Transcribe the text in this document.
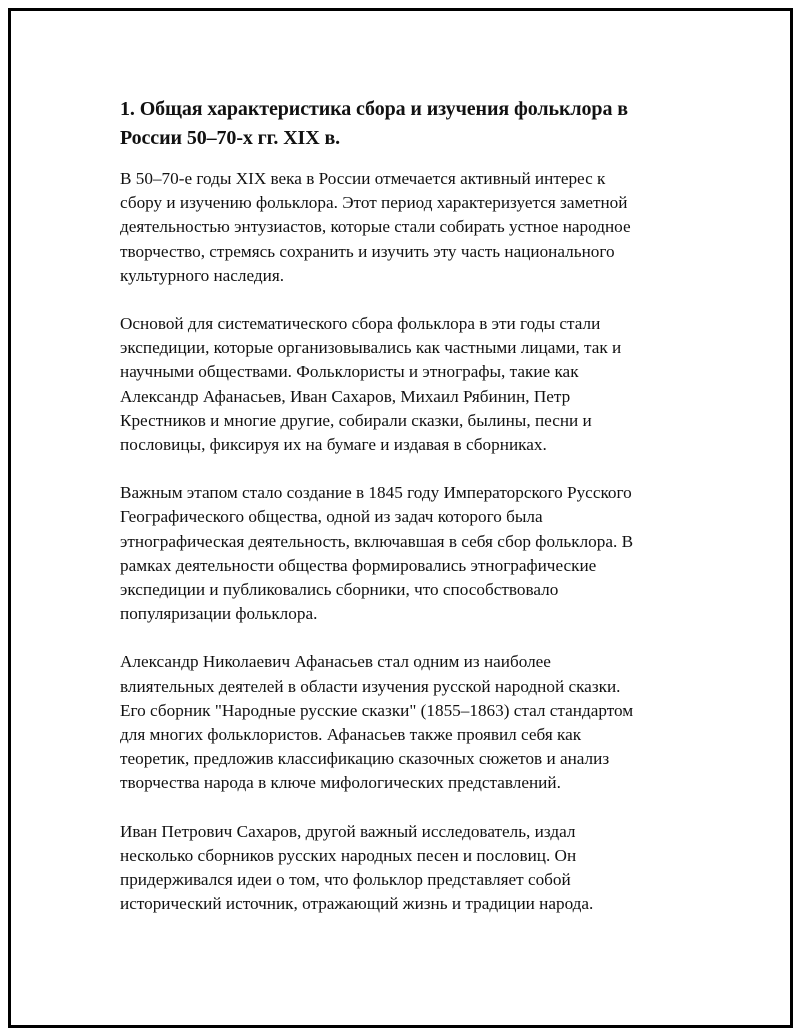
1. Общая характеристика сбора и изучения фольклора в
России 50–70-х гг. XIX в.
В 50–70-е годы XIX века в России отмечается активный интерес к
сбору и изучению фольклора. Этот период характеризуется заметной
деятельностью энтузиастов, которые стали собирать устное народное
творчество, стремясь сохранить и изучить эту часть национального
культурного наследия.
Основой для систематического сбора фольклора в эти годы стали
экспедиции, которые организовывались как частными лицами, так и
научными обществами. Фольклористы и этнографы, такие как
Александр Афанасьев, Иван Сахаров, Михаил Рябинин, Петр
Крестников и многие другие, собирали сказки, былины, песни и
пословицы, фиксируя их на бумаге и издавая в сборниках.
Важным этапом стало создание в 1845 году Императорского Русского
Географического общества, одной из задач которого была
этнографическая деятельность, включавшая в себя сбор фольклора. В
рамках деятельности общества формировались этнографические
экспедиции и публиковались сборники, что способствовало
популяризации фольклора.
Александр Николаевич Афанасьев стал одним из наиболее
влиятельных деятелей в области изучения русской народной сказки.
Его сборник "Народные русские сказки" (1855–1863) стал стандартом
для многих фольклористов. Афанасьев также проявил себя как
теоретик, предложив классификацию сказочных сюжетов и анализ
творчества народа в ключе мифологических представлений.
Иван Петрович Сахаров, другой важный исследователь, издал
несколько сборников русских народных песен и пословиц. Он
придерживался идеи о том, что фольклор представляет собой
исторический источник, отражающий жизнь и традиции народа.
